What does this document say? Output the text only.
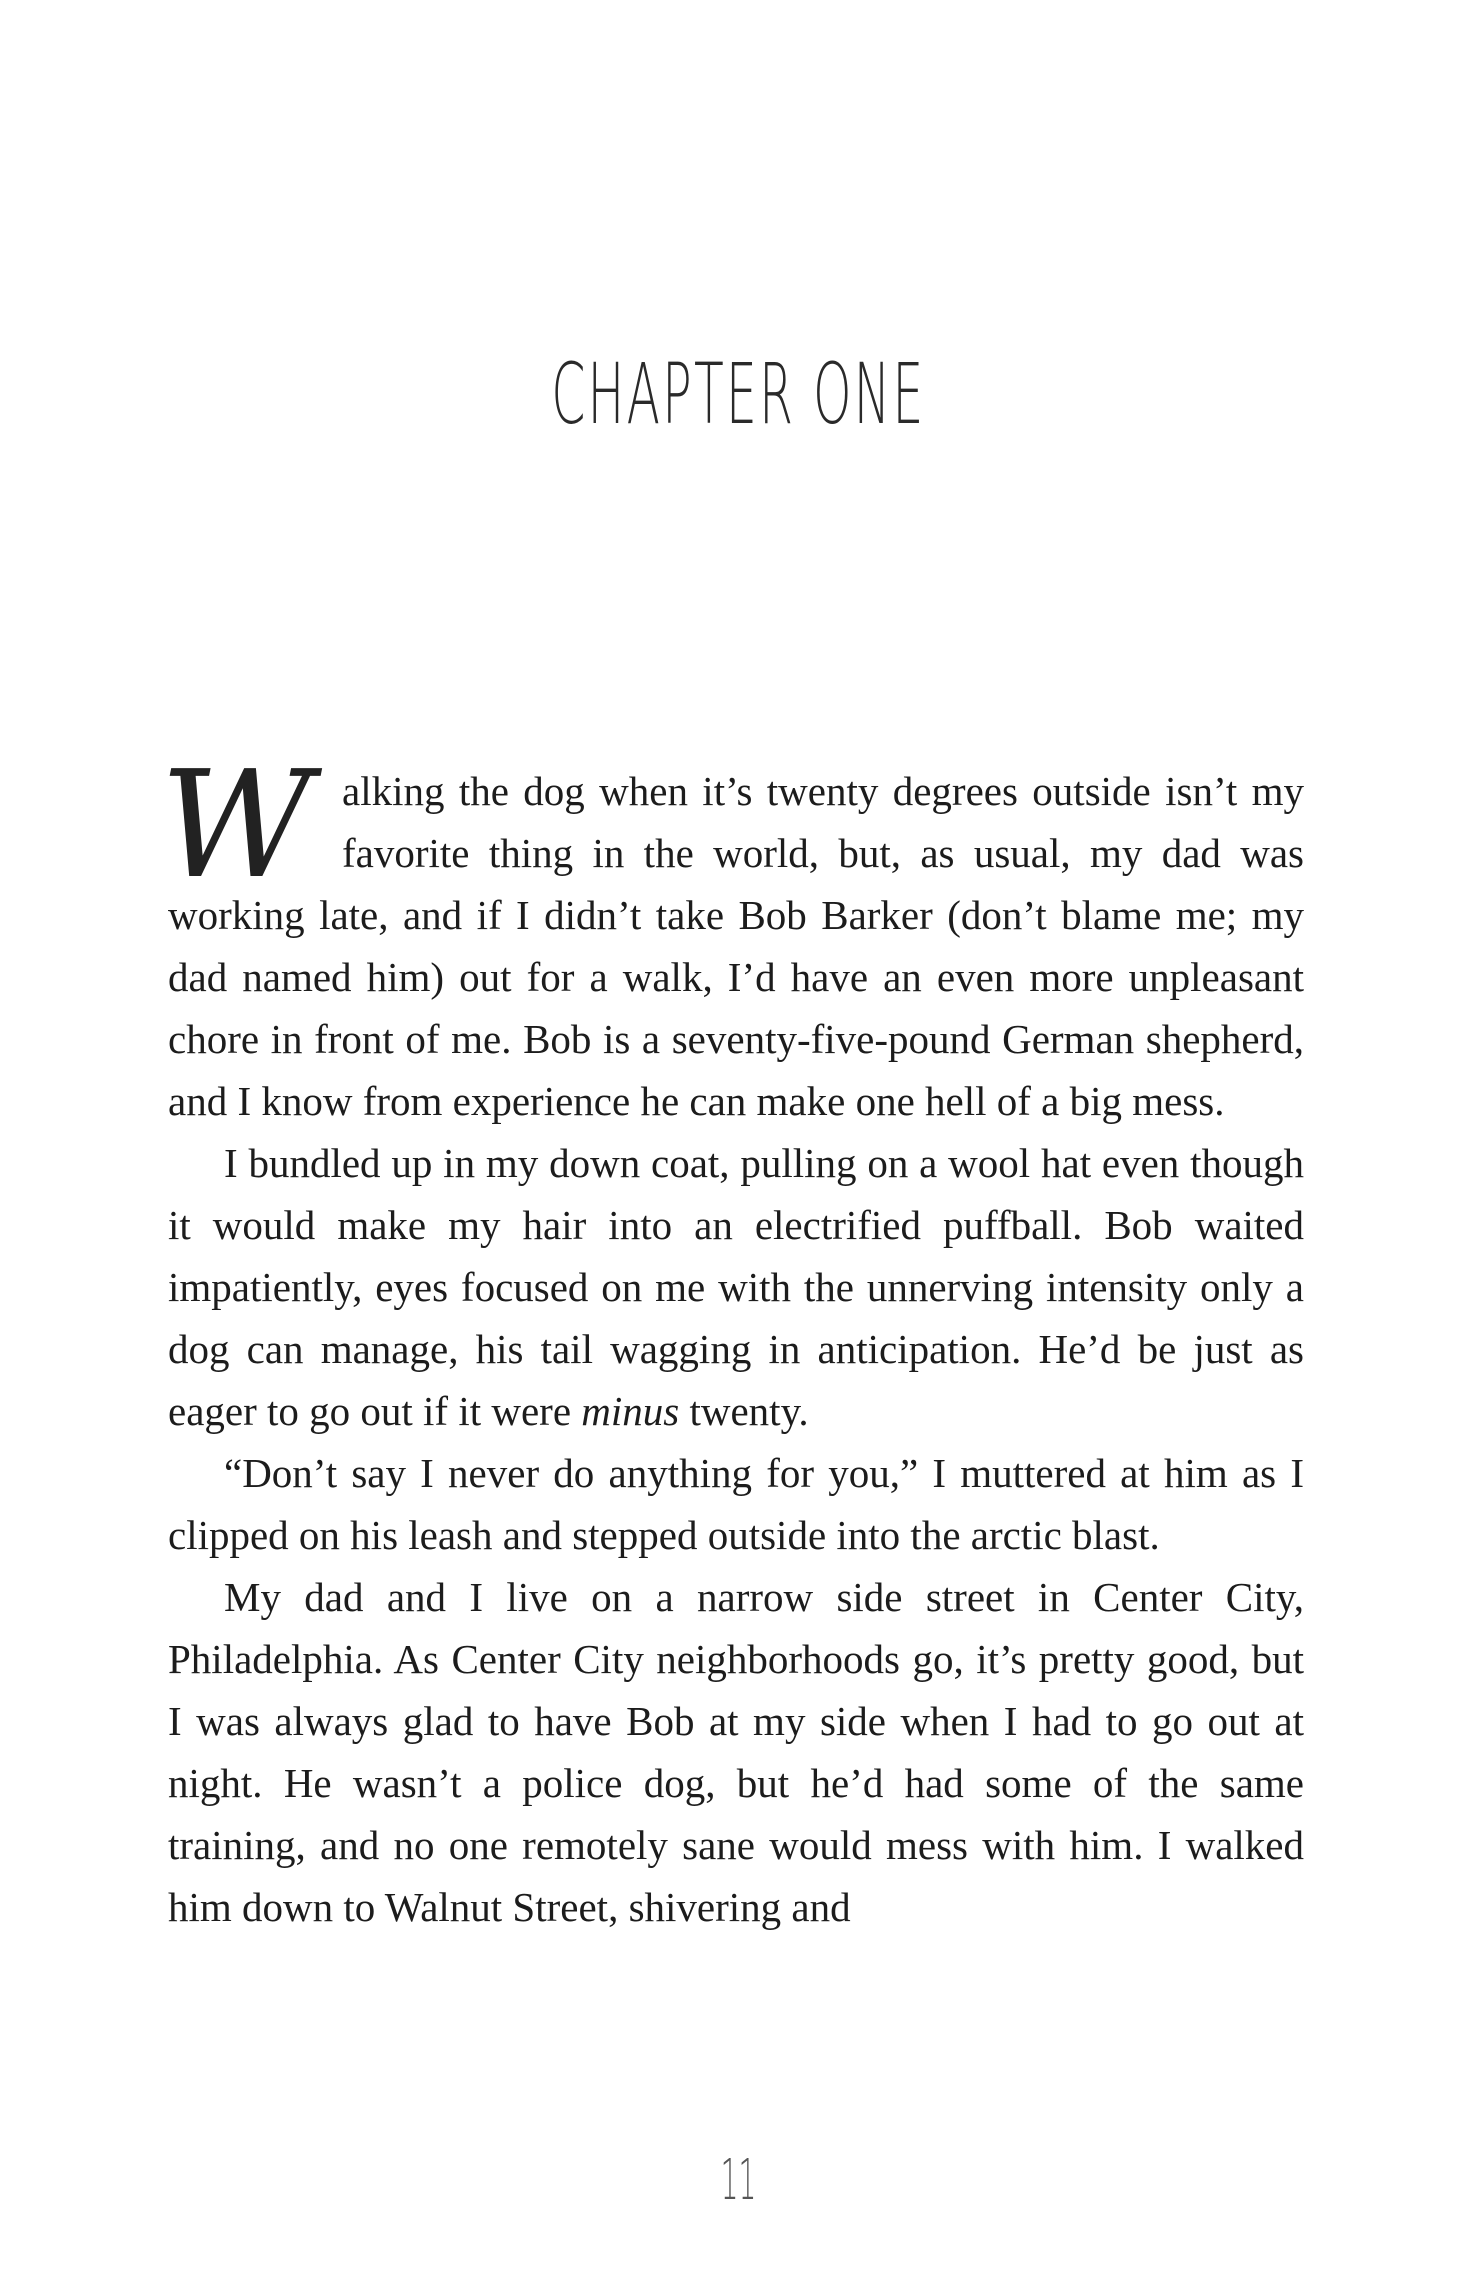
CHAPTER ONE

Walking the dog when it’s twenty degrees outside isn’t my favorite thing in the world, but, as usual, my dad was working late, and if I didn’t take Bob Barker (don’t blame me; my dad named him) out for a walk, I’d have an even more unpleasant chore in front of me. Bob is a seventy-five-pound German shepherd, and I know from experience he can make one hell of a big mess.

I bundled up in my down coat, pulling on a wool hat even though it would make my hair into an electrified puffball. Bob waited impatiently, eyes focused on me with the unnerving intensity only a dog can manage, his tail wagging in anticipation. He’d be just as eager to go out if it were minus twenty.

“Don’t say I never do anything for you,” I muttered at him as I clipped on his leash and stepped outside into the arctic blast.

My dad and I live on a narrow side street in Center City, Philadelphia. As Center City neighborhoods go, it’s pretty good, but I was always glad to have Bob at my side when I had to go out at night. He wasn’t a police dog, but he’d had some of the same training, and no one remotely sane would mess with him. I walked him down to Walnut Street, shivering and

11
